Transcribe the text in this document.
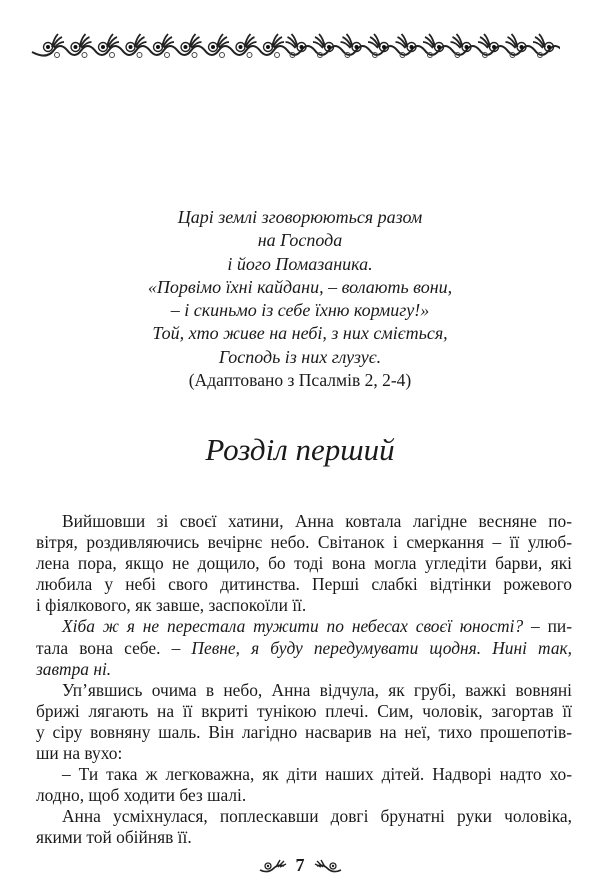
Царі землі зговорюються разом
на Господа
і його Помазаника.
«Порвімо їхні кайдани, – волають вони,
– і скиньмо із себе їхню кормигу!»
Той, хто живе на небі, з них сміється,
Господь із них глузує.
(Адаптовано з Псалмів 2, 2-4)
Розділ перший
Вийшовши зі своєї хатини, Анна ковтала лагідне весняне по-
вітря, роздивляючись вечірнє небо. Світанок і смеркання – її улюб-
лена пора, якщо не дощило, бо тоді вона могла угледіти барви, які
любила у небі свого дитинства. Перші слабкі відтінки рожевого
і фіялкового, як завше, заспокоїли її.
Хіба ж я не перестала тужити по небесах своєї юності? – пи-
тала вона себе. – Певне, я буду передумувати щодня. Нині так,
завтра ні.
Уп’явшись очима в небо, Анна відчула, як грубі, важкі вовняні
брижі лягають на її вкриті тунікою плечі. Сим, чоловік, загортав її
у сіру вовняну шаль. Він лагідно насварив на неї, тихо прошепотів-
ши на вухо:
– Ти така ж легковажна, як діти наших дітей. Надворі надто хо-
лодно, щоб ходити без шалі.
Анна усміхнулася, поплескавши довгі брунатні руки чоловіка,
якими той обійняв її.
7
